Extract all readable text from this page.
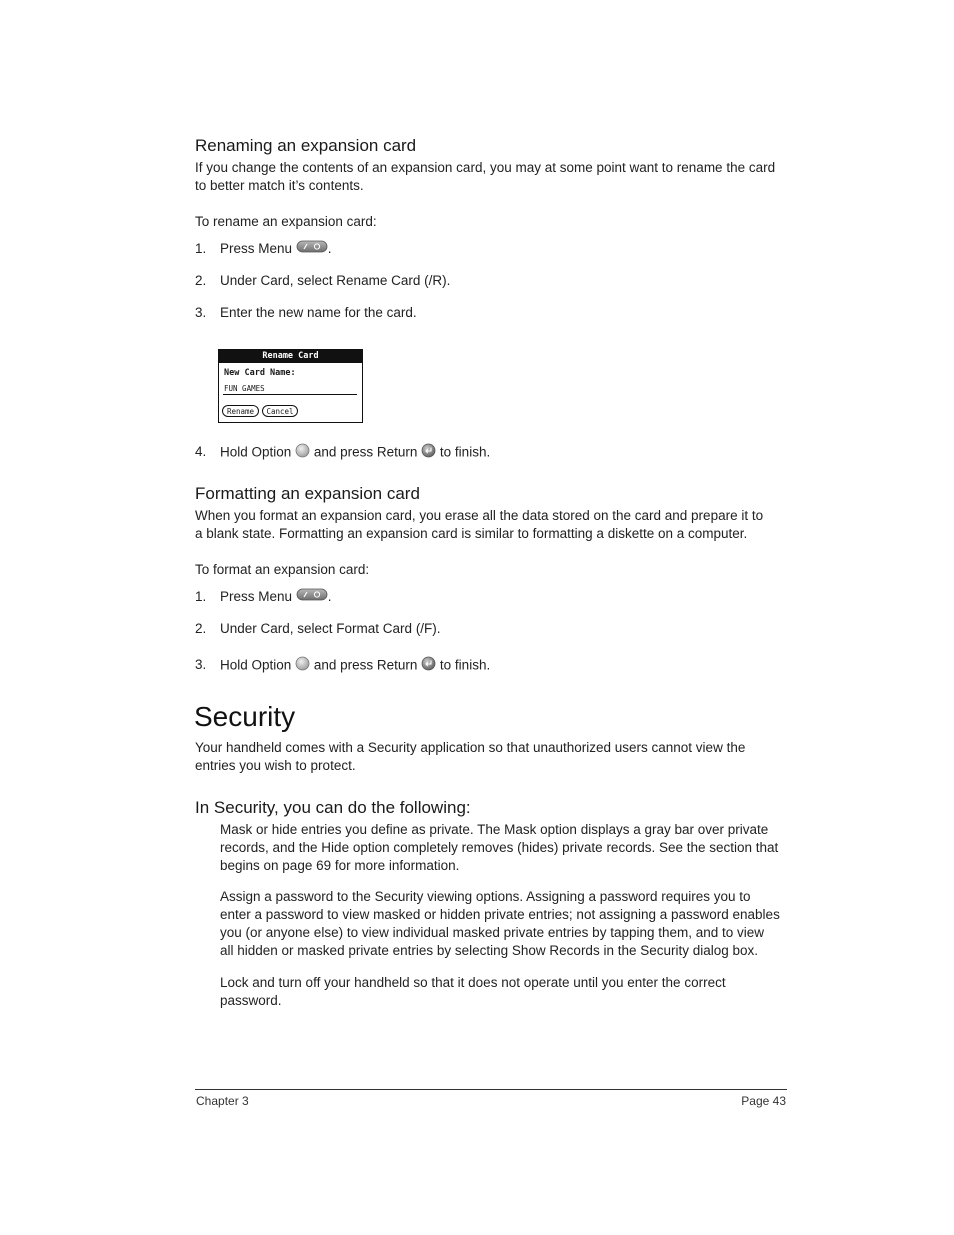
Renaming an expansion card
If you change the contents of an expansion card, you may at some point want to rename the card
to better match it’s contents.
To rename an expansion card:
1. Press Menu	.
2. Under Card, select Rename Card (/R).
3. Enter the new name for the card.
Rename Card
New Card Name:
FUN GAMES
Rename	Cancel
4. Hold Option and press Return to finish.
Formatting an expansion card
When you format an expansion card, you erase all the data stored on the card and prepare it to
a blank state. Formatting an expansion card is similar to formatting a diskette on a computer.
To format an expansion card:
1. Press Menu	.
2. Under Card, select Format Card (/F).
3. Hold Option and press Return to finish.
Security
Your handheld comes with a Security application so that unauthorized users cannot view the
entries you wish to protect.
In Security, you can do the following:
Mask or hide entries you define as private. The Mask option displays a gray bar over private
records, and the Hide option completely removes (hides) private records. See the section that
begins on page 69 for more information.
Assign a password to the Security viewing options. Assigning a password requires you to
enter a password to view masked or hidden private entries; not assigning a password enables
you (or anyone else) to view individual masked private entries by tapping them, and to view
all hidden or masked private entries by selecting Show Records in the Security dialog box.
Lock and turn off your handheld so that it does not operate until you enter the correct
password.
Chapter 3	Page 43
